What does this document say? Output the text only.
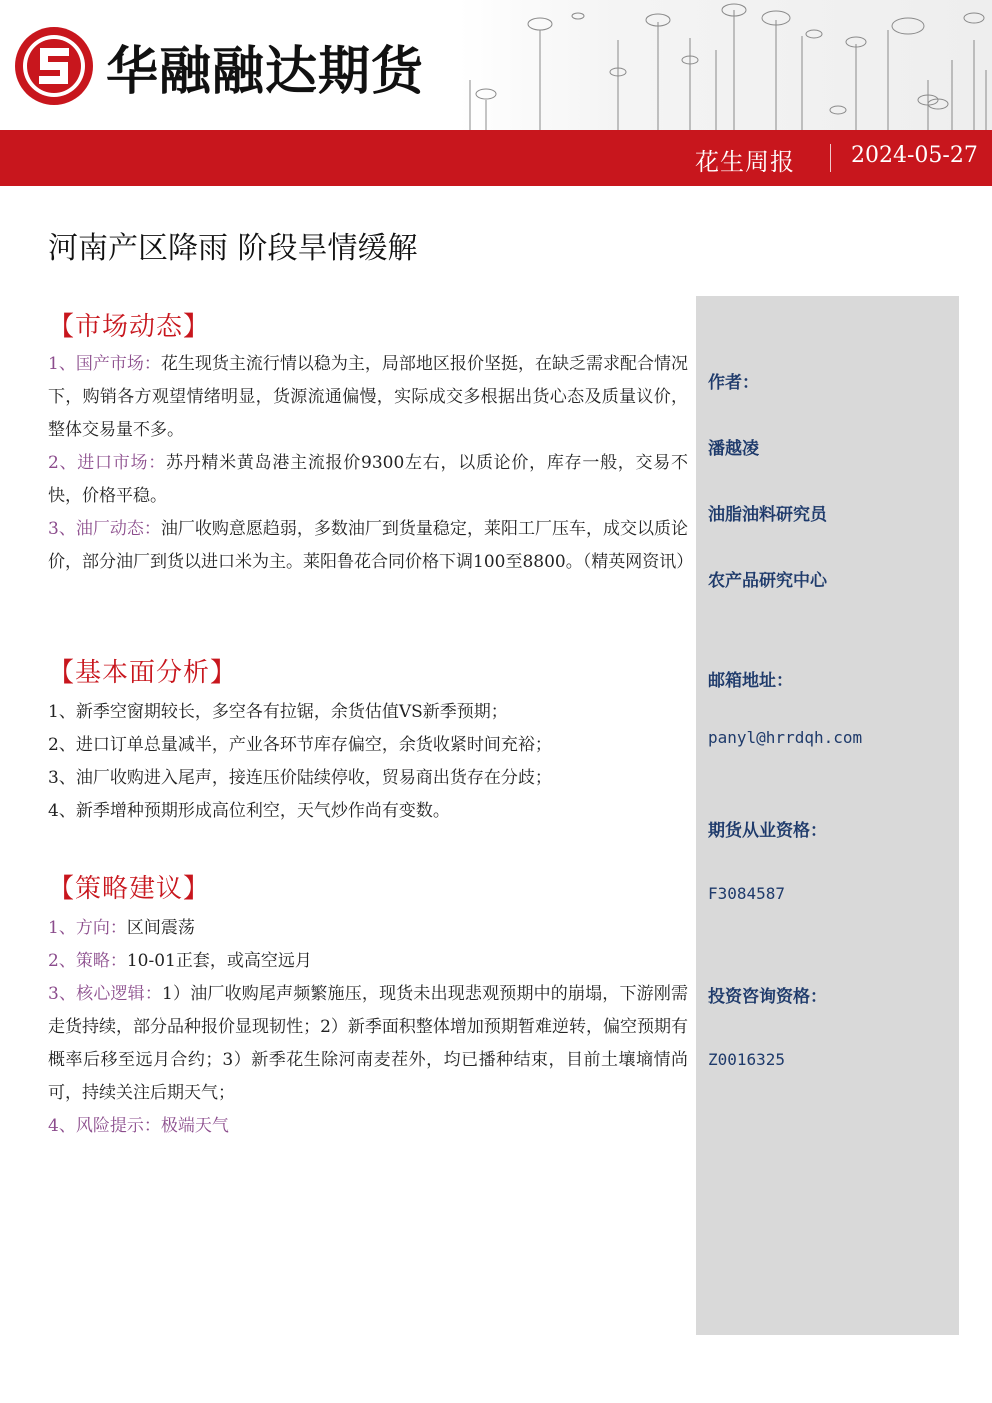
华融融达期货
花生周报	2024-05-27
河南产区降雨 阶段旱情缓解
【市场动态】

1、国产市场：花生现货主流行情以稳为主，局部地区报价坚挺，在缺乏需求配合情况下，购销各方观望情绪明显，货源流通偏慢，实际成交多根据出货心态及质量议价，整体交易量不多。

2、进口市场：苏丹精米黄岛港主流报价9300左右，以质论价，库存一般，交易不快，价格平稳。

3、油厂动态：油厂收购意愿趋弱，多数油厂到货量稳定，莱阳工厂压车，成交以质论价，部分油厂到货以进口米为主。莱阳鲁花合同价格下调100至8800。（精英网资讯）

【基本面分析】

1、新季空窗期较长，多空各有拉锯，余货估值VS新季预期；

2、进口订单总量减半，产业各环节库存偏空，余货收紧时间充裕；

3、油厂收购进入尾声，接连压价陆续停收，贸易商出货存在分歧；

4、新季增种预期形成高位利空，天气炒作尚有变数。

【策略建议】

1、方向：区间震荡

2、策略：10-01正套，或高空远月

3、核心逻辑：1）油厂收购尾声频繁施压，现货未出现悲观预期中的崩塌，下游刚需走货持续，部分品种报价显现韧性；2）新季面积整体增加预期暂难逆转，偏空预期有概率后移至远月合约；3）新季花生除河南麦茬外，均已播种结束，目前土壤墒情尚可，持续关注后期天气；

4、风险提示：极端天气

作者：
潘越凌
油脂油料研究员
农产品研究中心
邮箱地址：
panyl@hrrdqh.com
期货从业资格：
F3084587
投资咨询资格：
Z0016325
